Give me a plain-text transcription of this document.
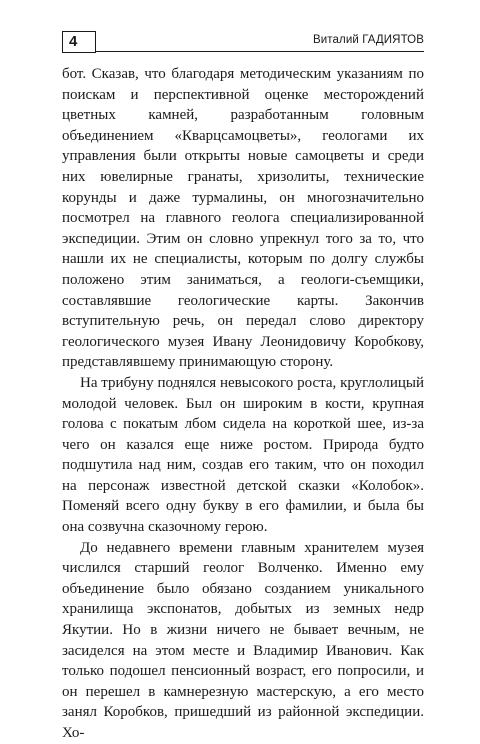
4	Виталий ГАДИЯТОВ

бот. Сказав, что благодаря методическим указаниям по поискам и перспективной оценке месторождений цветных камней, разработанным головным объединением «Кварцсамоцветы», геологами их управления были открыты новые самоцветы и среди них ювелирные гранаты, хризолиты, технические корунды и даже турмалины, он многозначительно посмотрел на главного геолога специализированной экспедиции. Этим он словно упрекнул того за то, что нашли их не специалисты, которым по долгу службы положено этим заниматься, а геологи-съемщики, составлявшие геологические карты. Закончив вступительную речь, он передал слово директору геологического музея Ивану Леонидовичу Коробкову, представлявшему принимающую сторону.

На трибуну поднялся невысокого роста, круглолицый молодой человек. Был он широким в кости, крупная голова с покатым лбом сидела на короткой шее, из-за чего он казался еще ниже ростом. Природа будто подшутила над ним, создав его таким, что он походил на персонаж известной детской сказки «Колобок». Поменяй всего одну букву в его фамилии, и была бы она созвучна сказочному герою.

До недавнего времени главным хранителем музея числился старший геолог Волченко. Именно ему объединение было обязано созданием уникального хранилища экспонатов, добытых из земных недр Якутии. Но в жизни ничего не бывает вечным, не засиделся на этом месте и Владимир Иванович. Как только подошел пенсионный возраст, его попросили, и он перешел в камнерезную мастерскую, а его место занял Коробков, пришедший из районной экспедиции. Хо-
